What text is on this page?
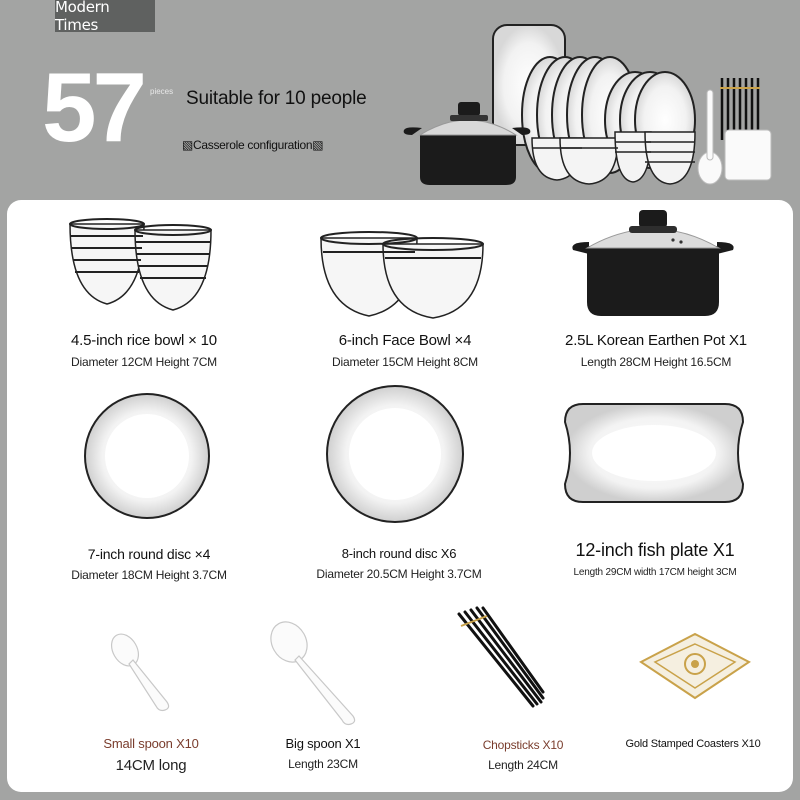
Modern Times
57 pieces Suitable for 10 people
▧Casserole configuration▧
4.5-inch rice bowl × 10
Diameter 12CM Height 7CM
6-inch Face Bowl ×4
Diameter 15CM Height 8CM
2.5L Korean Earthen Pot X1
Length 28CM Height 16.5CM
7-inch round disc ×4
Diameter 18CM Height 3.7CM
8-inch round disc X6
Diameter 20.5CM Height 3.7CM
12-inch fish plate X1
Length 29CM width 17CM height 3CM
Small spoon X10
14CM long
Big spoon X1
Length 23CM
Chopsticks X10
Length 24CM
Gold Stamped Coasters X10
